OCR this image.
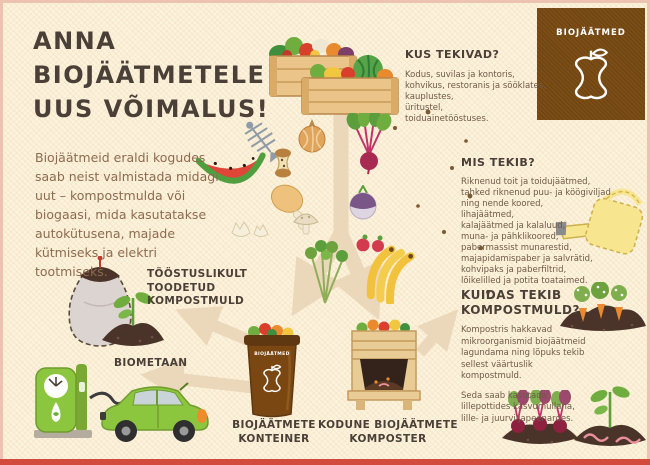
ANNA
BIOJÄÄTMETELE
UUS VÕIMALUS!
Biojäätmeid eraldi kogudes
saab neist valmistada midagi
uut – kompostmulda või
biogaasi, mida kasutatakse
autokütusena, majade
kütmiseks ja elektri
tootmiseks.
BIOJÄÄTMED
KUS TEKIVAD?
Kodus, suvilas ja kontoris,
kohvikus, restoranis ja sööklates,
kauplustes,
üritustel,
toiduainetööstuses.
MIS TEKIB?
Riknenud toit ja toidujäätmed,
tahked riknenud puu- ja köögiviljad
ning nende koored,
lihajäätmed,
kalajäätmed ja kalaluud,
muna- ja pähklikoored,
pabermassist munarestid,
majapidamispaber ja salvrätid,
kohvipaks ja paberfiltrid,
lõikelilled ja potita toataimed.
KUIDAS TEKIB
KOMPOSTMULD?
Kompostris hakkavad mikroorganismid biojäätmeid lagundama ning lõpuks tekib sellest väärtuslik kompostmuld.
Seda saab kasutada lillepottides kasvumullana, lille- ja juurviljapeenardes.
BIOJÄÄTMED
TÖÖSTUSLIKULT
TOODETUD
KOMPOSTMULD
BIOMETAAN
BIOJÄÄTMETE
KONTEINER
KODUNE BIOJÄÄTMETE
KOMPOSTER
